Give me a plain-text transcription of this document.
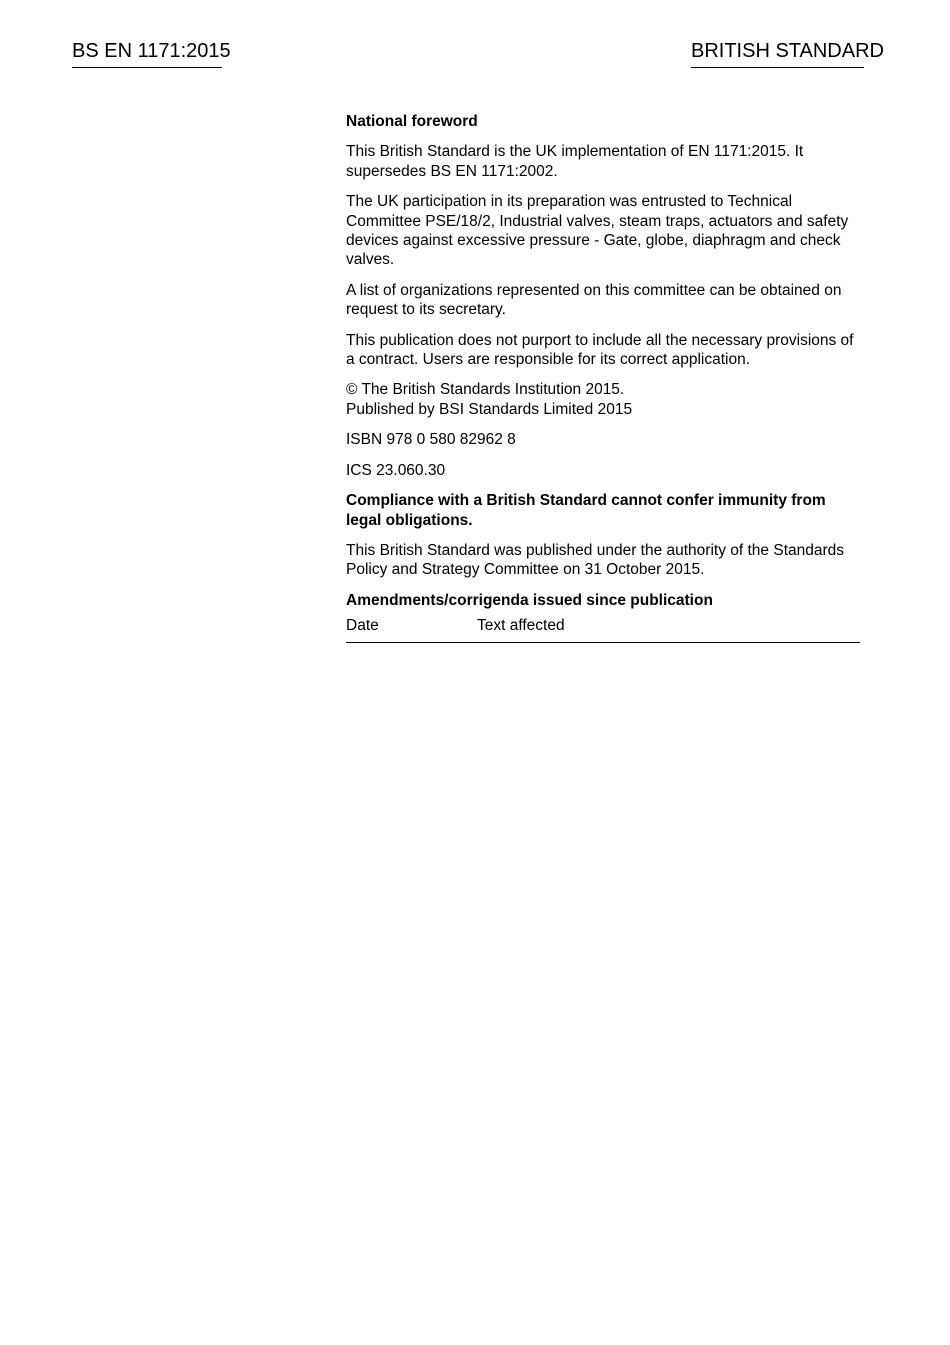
BS EN 1171:2015	BRITISH STANDARD
National foreword

This British Standard is the UK implementation of EN 1171:2015. It supersedes BS EN 1171:2002.

The UK participation in its preparation was entrusted to Technical Committee PSE/18/2, Industrial valves, steam traps, actuators and safety devices against excessive pressure - Gate, globe, diaphragm and check valves.

A list of organizations represented on this committee can be obtained on request to its secretary.

This publication does not purport to include all the necessary provisions of a contract. Users are responsible for its correct application.

© The British Standards Institution 2015.
Published by BSI Standards Limited 2015

ISBN 978 0 580 82962 8

ICS 23.060.30

Compliance with a British Standard cannot confer immunity from legal obligations.

This British Standard was published under the authority of the Standards Policy and Strategy Committee on 31 October 2015.

Amendments/corrigenda issued since publication
Date	Text affected
